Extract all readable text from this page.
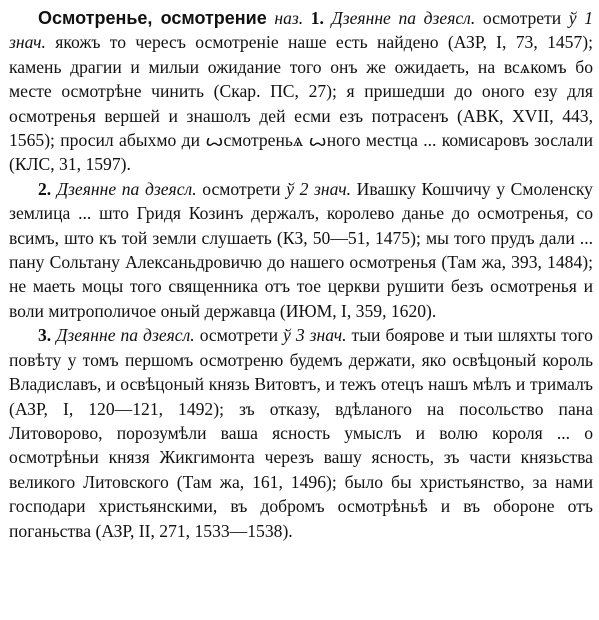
Осмотренье, осмотрение наз. 1. Дзеянне па дзеясл. осмотрети ў 1 знач. якожъ то чересъ осмотреніе наше есть найдено (АЗР, I, 73, 1457); камень драгии и милыи ожидание того онъ же ожидаеть, на всѧкомъ бо месте осмотрѣне чинить (Скар. ПС, 27); я пришедши до оного езу для осмотренья вершей и знашолъ дей есми езъ потрасенъ (АВК, XVII, 443, 1565); просил абыхмо ди ꙍсмотреньѧ ꙍного местца ... комисаровъ зослали (КЛС, 31, 1597).

2. Дзеянне па дзеясл. осмотрети ў 2 знач. Ивашку Кошчичу у Смоленску землица ... што Гридя Козинъ держалъ, королево данье до осмотренья, со всимъ, што къ той земли слушаеть (КЗ, 50—51, 1475); мы того прудъ дали ... пану Сольтану Алексаньдровичю до нашего осмотренья (Там жа, 393, 1484); не маеть моцы того священника отъ тое церкви рушити безъ осмотренья и воли митрополичое оный державца (ИЮМ, I, 359, 1620).

3. Дзеянне па дзеясл. осмотрети ў 3 знач. тыи боярове и тыи шляхты того повѣту у томъ першомъ осмотреню будемъ держати, яко освѣцоный король Владиславъ, и освѣцоный князь Витовтъ, и тежъ отецъ нашъ мѣлъ и трималъ (АЗР, I, 120—121, 1492); зъ отказу, вдѣланого на посольство пана Литоворово, порозумѣли ваша ясность умыслъ и волю короля ... о осмотрѣньи князя Жикгимонта черезъ вашу ясность, зъ части князьства великого Литовского (Там жа, 161, 1496); было бы христьянство, за нами господари христьянскими, въ добромъ осмотрѣньѣ и въ обороне отъ поганьства (АЗР, II, 271, 1533—1538).
